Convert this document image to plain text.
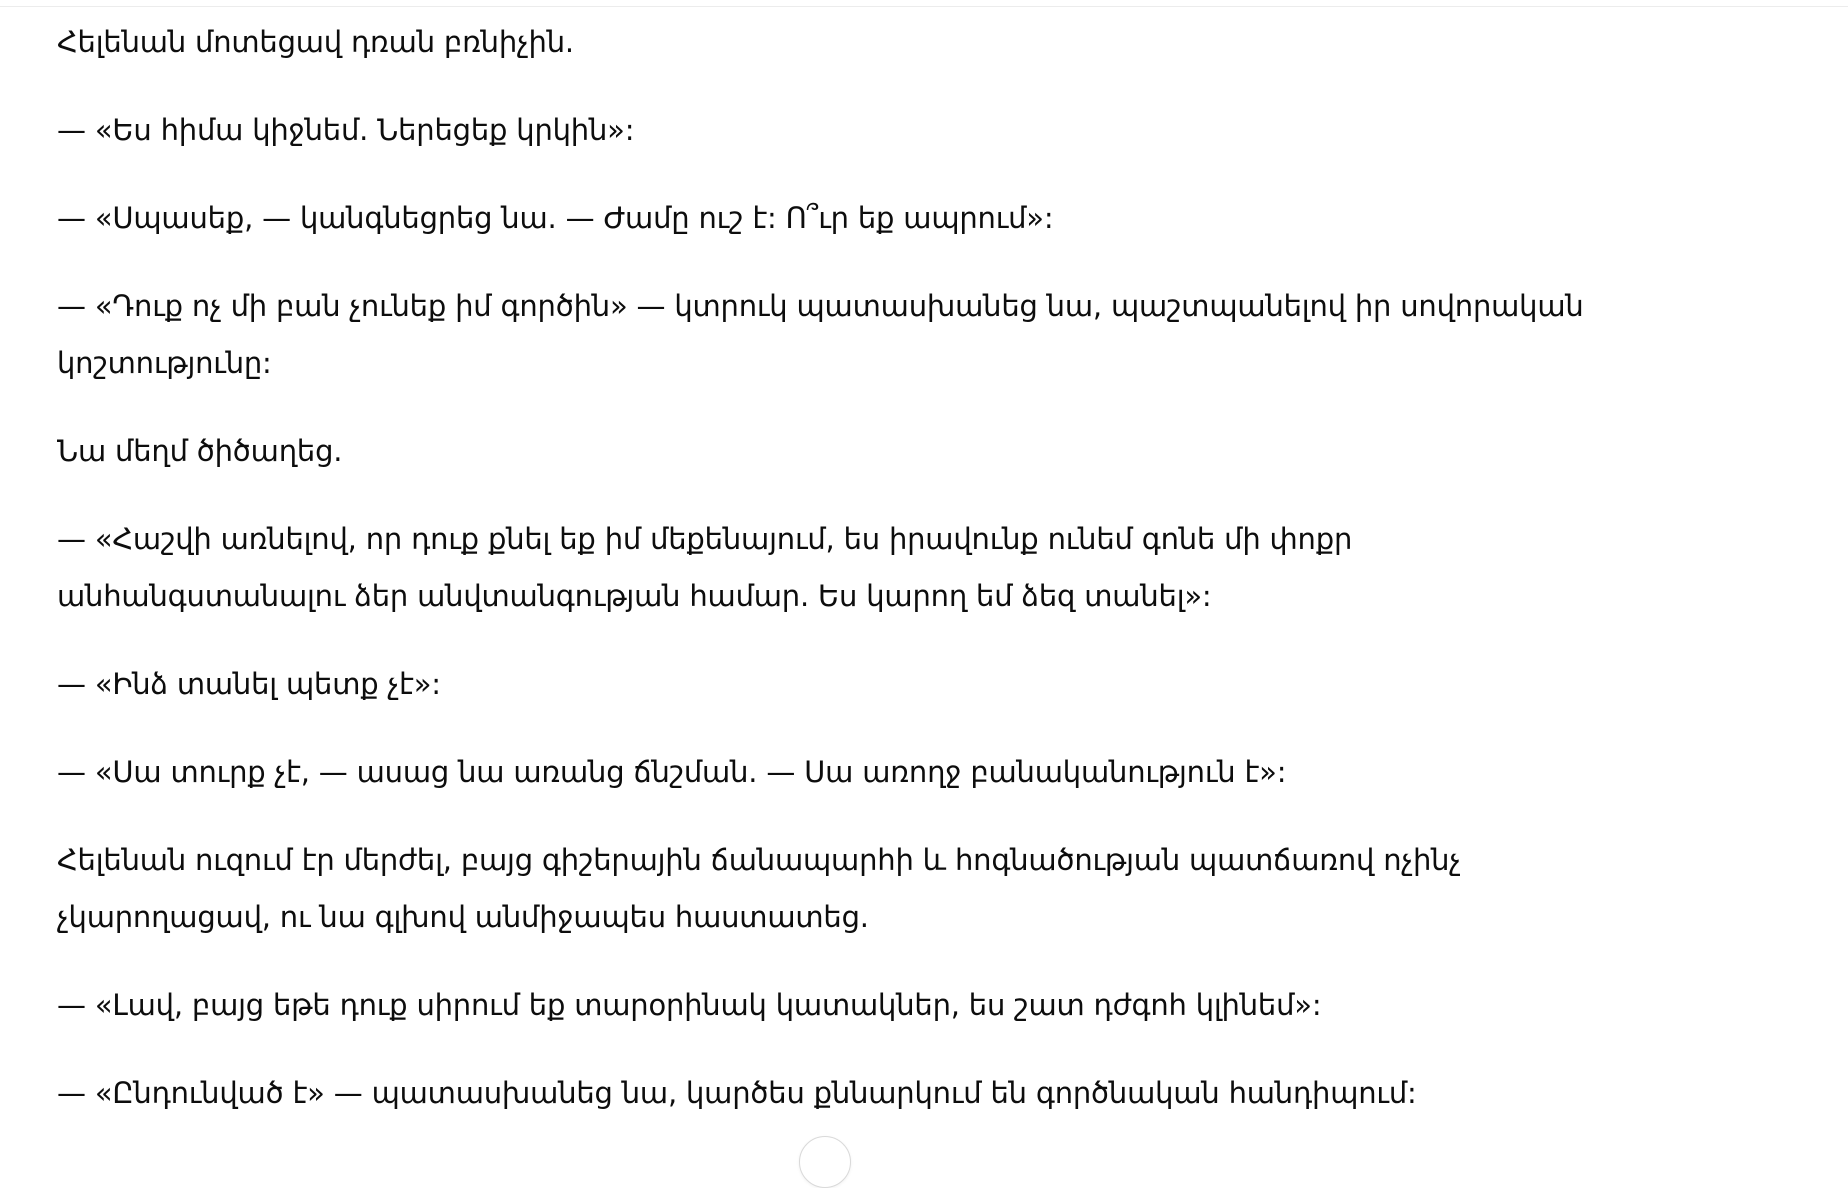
Հելենան մոտեցավ դռան բռնիչին.

— «Ես հիմա կիջնեմ. Ներեցեք կրկին»:

— «Սպասեք, — կանգնեցրեց նա. — Ժամը ուշ է: Ո՞ւր եք ապրում»:

— «Դուք ոչ մի բան չունեք իմ գործին» — կտրուկ պատասխանեց նա, պաշտպանելով իր սովորական կոշտությունը:

Նա մեղմ ծիծաղեց.

— «Հաշվի առնելով, որ դուք քնել եք իմ մեքենայում, ես իրավունք ունեմ գոնե մի փոքր անհանգստանալու ձեր անվտանգության համար. Ես կարող եմ ձեզ տանել»:

— «Ինձ տանել պետք չէ»:

— «Սա տուրք չէ, — ասաց նա առանց ճնշման. — Սա առողջ բանականություն է»:

Հելենան ուզում էր մերժել, բայց գիշերային ճանապարհի և հոգնածության պատճառով ոչինչ չկարողացավ, ու նա գլխով անմիջապես հաստատեց.

— «Լավ, բայց եթե դուք սիրում եք տարօրինակ կատակներ, ես շատ դժգոհ կլինեմ»:

— «Ընդունված է» — պատասխանեց նա, կարծես քննարկում են գործնական հանդիպում:
